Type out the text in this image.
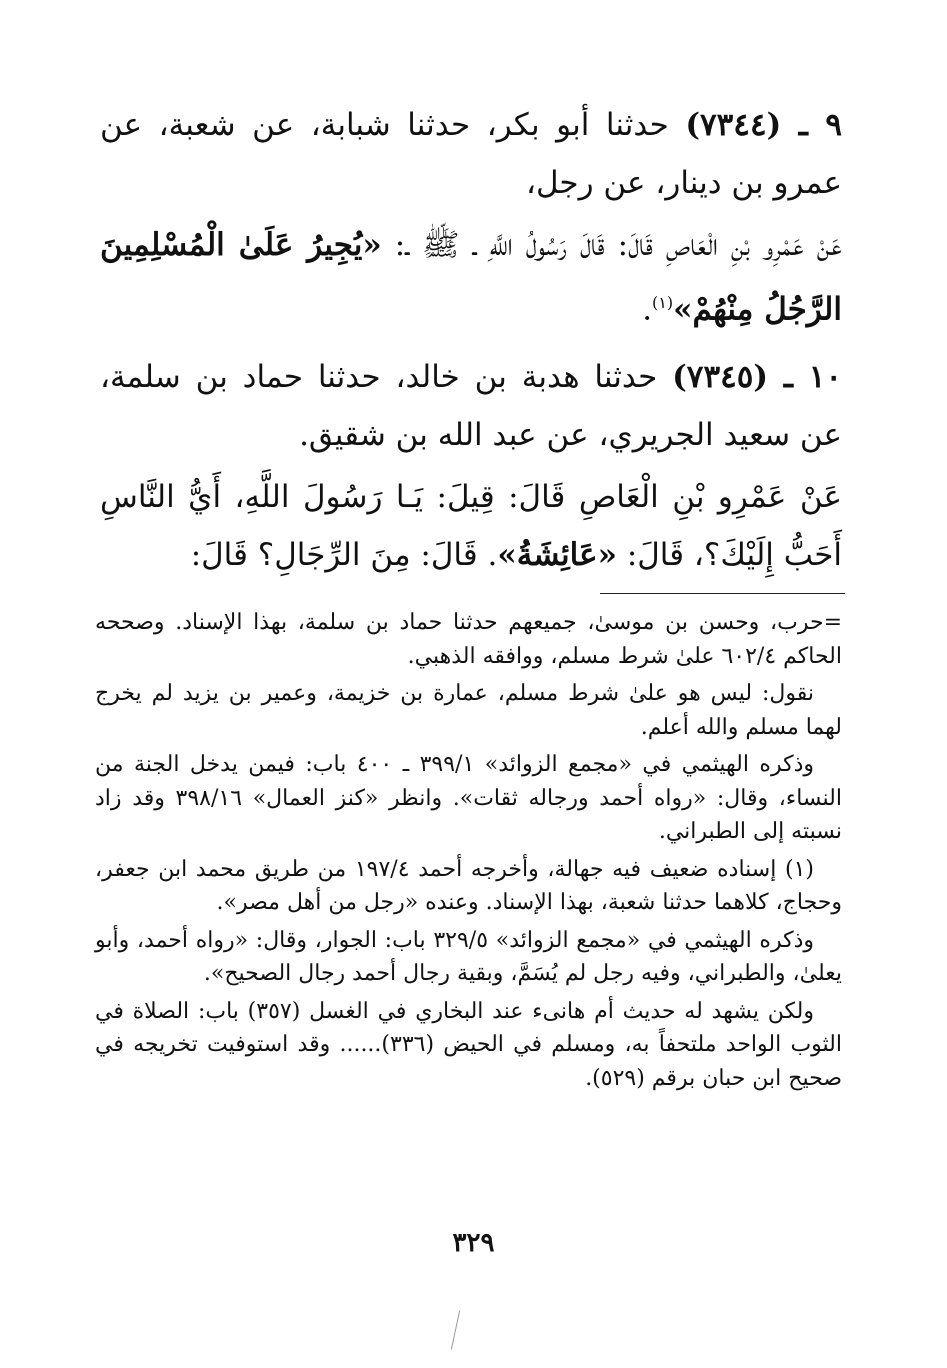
٩ ـ (٧٣٤٤) حدثنا أبو بكر، حدثنا شبابة، عن شعبة، عن عمرو بن دينار، عن رجل،

عَنْ عَمْرِو بْنِ الْعَاصِ قَالَ: قَالَ رَسُولُ اللَّهِ ـ ﷺ ـ: «يُجِيرُ عَلَىٰ الْمُسْلِمِينَ الرَّجُلُ مِنْهُمْ»$^{(١)}$.

١٠ ـ (٧٣٤٥) حدثنا هدبة بن خالد، حدثنا حماد بن سلمة، عن سعيد الجريري، عن عبد الله بن شقيق.

عَنْ عَمْرِو بْنِ الْعَاصِ قَالَ: قِيلَ: يَـا رَسُولَ اللَّهِ، أَيُّ النَّاسِ أَحَبُّ إِلَيْكَ؟، قَالَ: «عَائِشَةُ». قَالَ: مِنَ الرِّجَالِ؟ قَالَ:

=حرب، وحسن بن موسىٰ، جميعهم حدثنا حماد بن سلمة، بهذا الإسناد. وصححه الحاكم ٦٠٢/٤ علىٰ شرط مسلم، ووافقه الذهبي.

نقول: ليس هو علىٰ شرط مسلم، عمارة بن خزيمة، وعمير بن يزيد لم يخرج لهما مسلم والله أعلم.

وذكره الهيثمي في «مجمع الزوائد» ٣٩٩/١ ـ ٤٠٠ باب: فيمن يدخل الجنة من النساء، وقال: «رواه أحمد ورجاله ثقات». وانظر «كنز العمال» ٣٩٨/١٦ وقد زاد نسبته إلى الطبراني.

(١) إسناده ضعيف فيه جهالة، وأخرجه أحمد ١٩٧/٤ من طريق محمد ابن جعفر، وحجاج، كلاهما حدثنا شعبة، بهذا الإسناد. وعنده «رجل من أهل مصر».

وذكره الهيثمي في «مجمع الزوائد» ٣٢٩/٥ باب: الجوار، وقال: «رواه أحمد، وأبو يعلىٰ، والطبراني، وفيه رجل لم يُسَمَّ، وبقية رجال أحمد رجال الصحيح».

ولكن يشهد له حديث أم هانىء عند البخاري في الغسل (٣٥٧) باب: الصلاة في الثوب الواحد ملتحفاً به، ومسلم في الحيض (٣٣٦)...... وقد استوفيت تخريجه في صحيح ابن حبان برقم (٥٢٩).

٣٢٩
